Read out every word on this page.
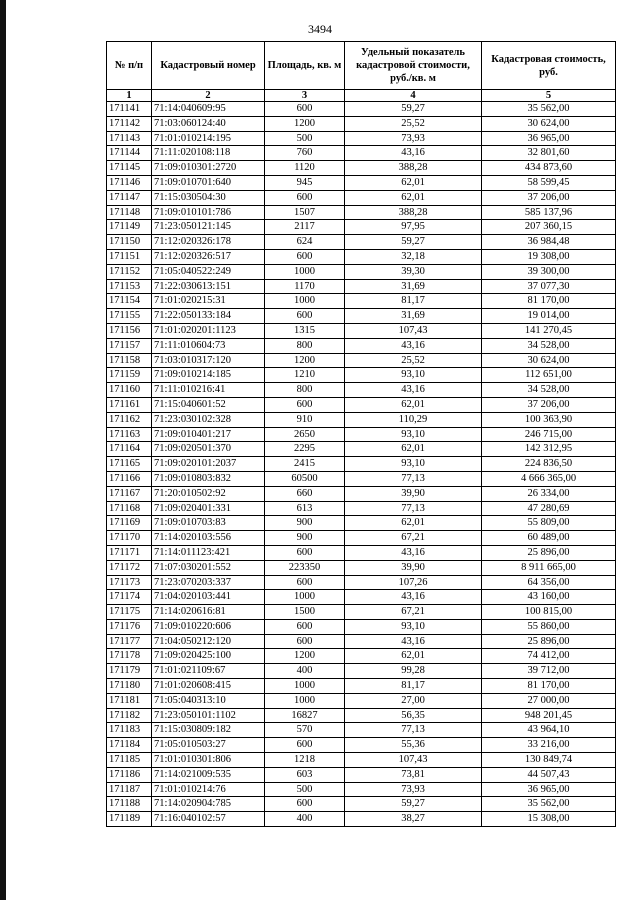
3494
№ п/п	Кадастровый номер	Площадь, кв. м	Удельный показатель кадастровой стоимости, руб./кв. м	Кадастровая стоимость, руб.
1	2	3	4	5
171141	71:14:040609:95	600	59,27	35 562,00
171142	71:03:060124:40	1200	25,52	30 624,00
171143	71:01:010214:195	500	73,93	36 965,00
171144	71:11:020108:118	760	43,16	32 801,60
171145	71:09:010301:2720	1120	388,28	434 873,60
171146	71:09:010701:640	945	62,01	58 599,45
171147	71:15:030504:30	600	62,01	37 206,00
171148	71:09:010101:786	1507	388,28	585 137,96
171149	71:23:050121:145	2117	97,95	207 360,15
171150	71:12:020326:178	624	59,27	36 984,48
171151	71:12:020326:517	600	32,18	19 308,00
171152	71:05:040522:249	1000	39,30	39 300,00
171153	71:22:030613:151	1170	31,69	37 077,30
171154	71:01:020215:31	1000	81,17	81 170,00
171155	71:22:050133:184	600	31,69	19 014,00
171156	71:01:020201:1123	1315	107,43	141 270,45
171157	71:11:010604:73	800	43,16	34 528,00
171158	71:03:010317:120	1200	25,52	30 624,00
171159	71:09:010214:185	1210	93,10	112 651,00
171160	71:11:010216:41	800	43,16	34 528,00
171161	71:15:040601:52	600	62,01	37 206,00
171162	71:23:030102:328	910	110,29	100 363,90
171163	71:09:010401:217	2650	93,10	246 715,00
171164	71:09:020501:370	2295	62,01	142 312,95
171165	71:09:020101:2037	2415	93,10	224 836,50
171166	71:09:010803:832	60500	77,13	4 666 365,00
171167	71:20:010502:92	660	39,90	26 334,00
171168	71:09:020401:331	613	77,13	47 280,69
171169	71:09:010703:83	900	62,01	55 809,00
171170	71:14:020103:556	900	67,21	60 489,00
171171	71:14:011123:421	600	43,16	25 896,00
171172	71:07:030201:552	223350	39,90	8 911 665,00
171173	71:23:070203:337	600	107,26	64 356,00
171174	71:04:020103:441	1000	43,16	43 160,00
171175	71:14:020616:81	1500	67,21	100 815,00
171176	71:09:010220:606	600	93,10	55 860,00
171177	71:04:050212:120	600	43,16	25 896,00
171178	71:09:020425:100	1200	62,01	74 412,00
171179	71:01:021109:67	400	99,28	39 712,00
171180	71:01:020608:415	1000	81,17	81 170,00
171181	71:05:040313:10	1000	27,00	27 000,00
171182	71:23:050101:1102	16827	56,35	948 201,45
171183	71:15:030809:182	570	77,13	43 964,10
171184	71:05:010503:27	600	55,36	33 216,00
171185	71:01:010301:806	1218	107,43	130 849,74
171186	71:14:021009:535	603	73,81	44 507,43
171187	71:01:010214:76	500	73,93	36 965,00
171188	71:14:020904:785	600	59,27	35 562,00
171189	71:16:040102:57	400	38,27	15 308,00
